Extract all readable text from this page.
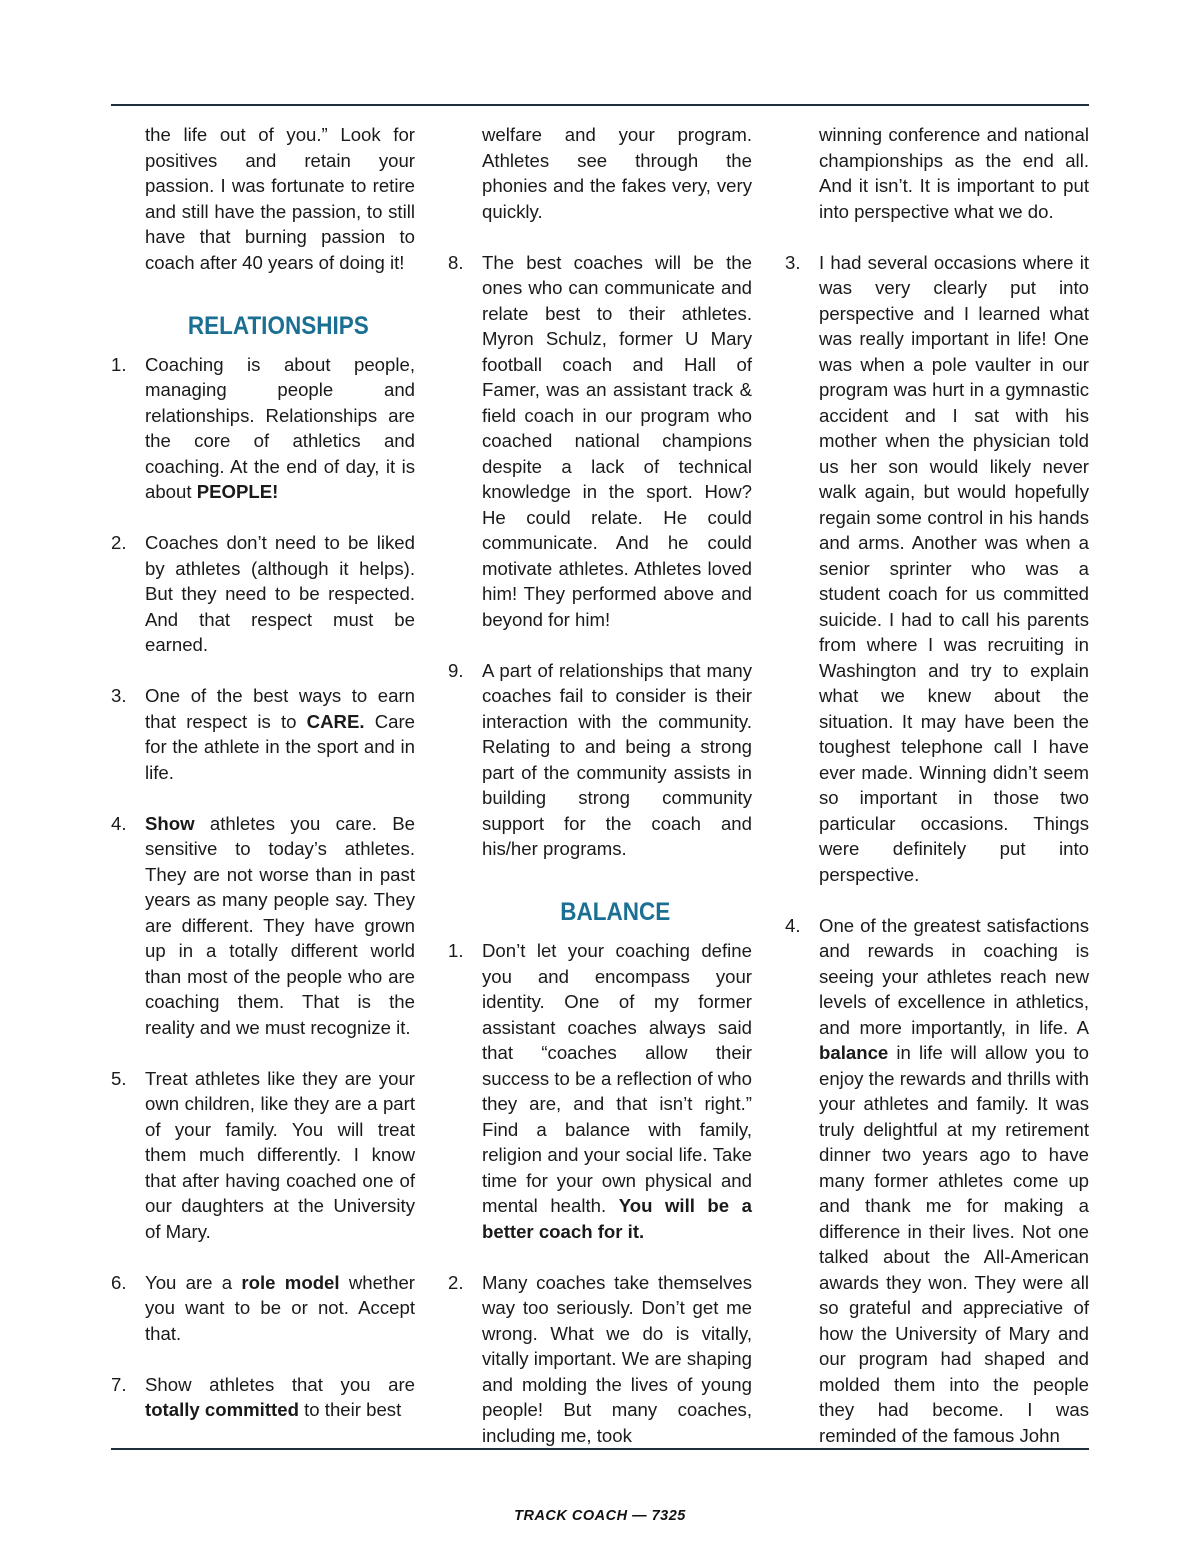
the life out of you.” Look for positives and retain your passion. I was fortunate to retire and still have the passion, to still have that burning passion to coach after 40 years of doing it!

RELATIONSHIPS
1. Coaching is about people, managing people and relationships. Relationships are the core of athletics and coaching. At the end of day, it is about PEOPLE!
2. Coaches don’t need to be liked by athletes (although it helps). But they need to be respected. And that respect must be earned.
3. One of the best ways to earn that respect is to CARE. Care for the athlete in the sport and in life.
4. Show athletes you care. Be sensitive to today’s athletes. They are not worse than in past years as many people say. They are different. They have grown up in a totally different world than most of the people who are coaching them. That is the reality and we must recognize it.
5. Treat athletes like they are your own children, like they are a part of your family. You will treat them much differently. I know that after having coached one of our daughters at the University of Mary.
6. You are a role model whether you want to be or not. Accept that.
7. Show athletes that you are totally committed to their best

welfare and your program. Athletes see through the phonies and the fakes very, very quickly.

8. The best coaches will be the ones who can communicate and relate best to their athletes. Myron Schulz, former U Mary football coach and Hall of Famer, was an assistant track & field coach in our program who coached national champions despite a lack of technical knowledge in the sport. How? He could relate. He could communicate. And he could motivate athletes. Athletes loved him! They performed above and beyond for him!
9. A part of relationships that many coaches fail to consider is their interaction with the community. Relating to and being a strong part of the community assists in building strong community support for the coach and his/her programs.
BALANCE
1. Don’t let your coaching define you and encompass your identity. One of my former assistant coaches always said that “coaches allow their success to be a reflection of who they are, and that isn’t right.” Find a balance with family, religion and your social life. Take time for your own physical and mental health. You will be a better coach for it.
2. Many coaches take themselves way too seriously. Don’t get me wrong. What we do is vitally, vitally important. We are shaping and molding the lives of young people! But many coaches, including me, took

winning conference and national championships as the end all. And it isn’t. It is important to put into perspective what we do.

3. I had several occasions where it was very clearly put into perspective and I learned what was really important in life! One was when a pole vaulter in our program was hurt in a gymnastic accident and I sat with his mother when the physician told us her son would likely never walk again, but would hopefully regain some control in his hands and arms. Another was when a senior sprinter who was a student coach for us committed suicide. I had to call his parents from where I was recruiting in Washington and try to explain what we knew about the situation. It may have been the toughest telephone call I have ever made. Winning didn’t seem so important in those two particular occasions. Things were definitely put into perspective.
4. One of the greatest satisfactions and rewards in coaching is seeing your athletes reach new levels of excellence in athletics, and more importantly, in life. A balance in life will allow you to enjoy the rewards and thrills with your athletes and family. It was truly delightful at my retirement dinner two years ago to have many former athletes come up and thank me for making a difference in their lives. Not one talked about the All-American awards they won. They were all so grateful and appreciative of how the University of Mary and our program had shaped and molded them into the people they had become. I was reminded of the famous John
TRACK COACH — 7325
